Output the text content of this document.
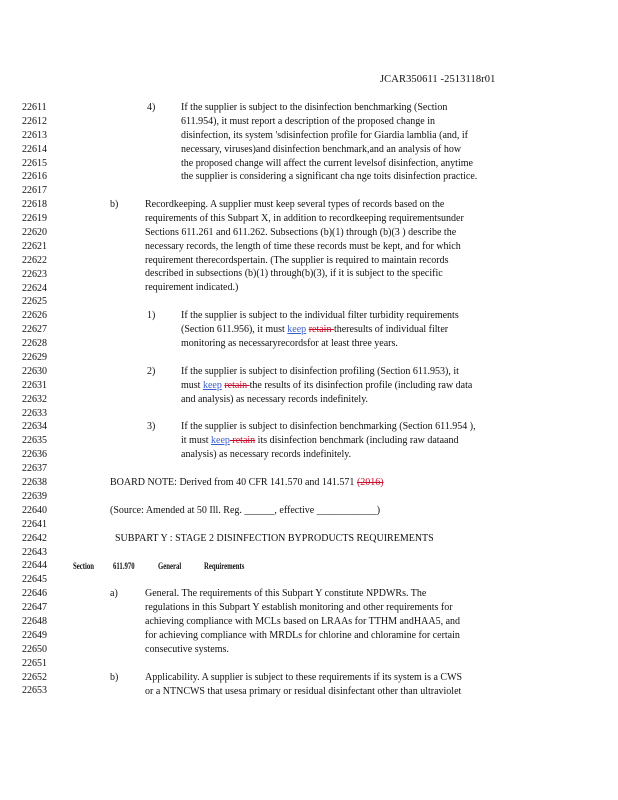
JCAR350611 -2513118r01
22611
22612
22613
22614
22615
22616
22617
22618
22619
22620
22621
22622
22623
22624
22625
22626
22627
22628
22629
22630
22631
22632
22633
22634
22635
22636
22637
22638
22639
22640
22641
22642
22643
22644
22645
22646
22647
22648
22649
22650
22651
22652
22653
4)	If the supplier is subject to the disinfection benchmarking (Section
611.954), it must report a description of the proposed change in
disinfection, its system 'sdisinfection profile for Giardia lamblia (and, if
necessary, viruses)and disinfection benchmark,and an analysis of how
the proposed change will affect the current levelsof disinfection, anytime
the supplier is considering a significant cha nge toits disinfection practice.
b)	Recordkeeping. A supplier must keep several types of records based on the
requirements of this Subpart X, in addition to recordkeeping requirementsunder
Sections 611.261 and 611.262. Subsections (b)(1) through (b)(3 ) describe the
necessary records, the length of time these records must be kept, and for which
requirement therecordspertain. (The supplier is required to maintain records
described in subsections (b)(1) through(b)(3), if it is subject to the specific
requirement indicated.)
1)	If the supplier is subject to the individual filter turbidity requirements
(Section 611.956), it must keep retain theresults of individual filter
monitoring as necessaryrecordsfor at least three years.
2)	If the supplier is subject to disinfection profiling (Section 611.953), it
must keep retain the results of its disinfection profile (including raw data
and analysis) as necessary records indefinitely.
3)	If the supplier is subject to disinfection benchmarking (Section 611.954 ),
it must keep retain its disinfection benchmark (including raw dataand
analysis) as necessary records indefinitely.
BOARD NOTE: Derived from 40 CFR 141.570 and 141.571 (2016)
(Source: Amended at 50 Ill. Reg. ______, effective ____________)
SUBPART Y : STAGE 2 DISINFECTION BYPRODUCTS REQUIREMENTS
Section 611.970	General	Requirements
a)	General. The requirements of this Subpart Y constitute NPDWRs. The
regulations in this Subpart Y establish monitoring and other requirements for
achieving compliance with MCLs based on LRAAs for TTHM andHAA5, and
for achieving compliance with MRDLs for chlorine and chloramine for certain
consecutive systems.
b)	Applicability. A supplier is subject to these requirements if its system is a CWS
or a NTNCWS that usesa primary or residual disinfectant other than ultraviolet
